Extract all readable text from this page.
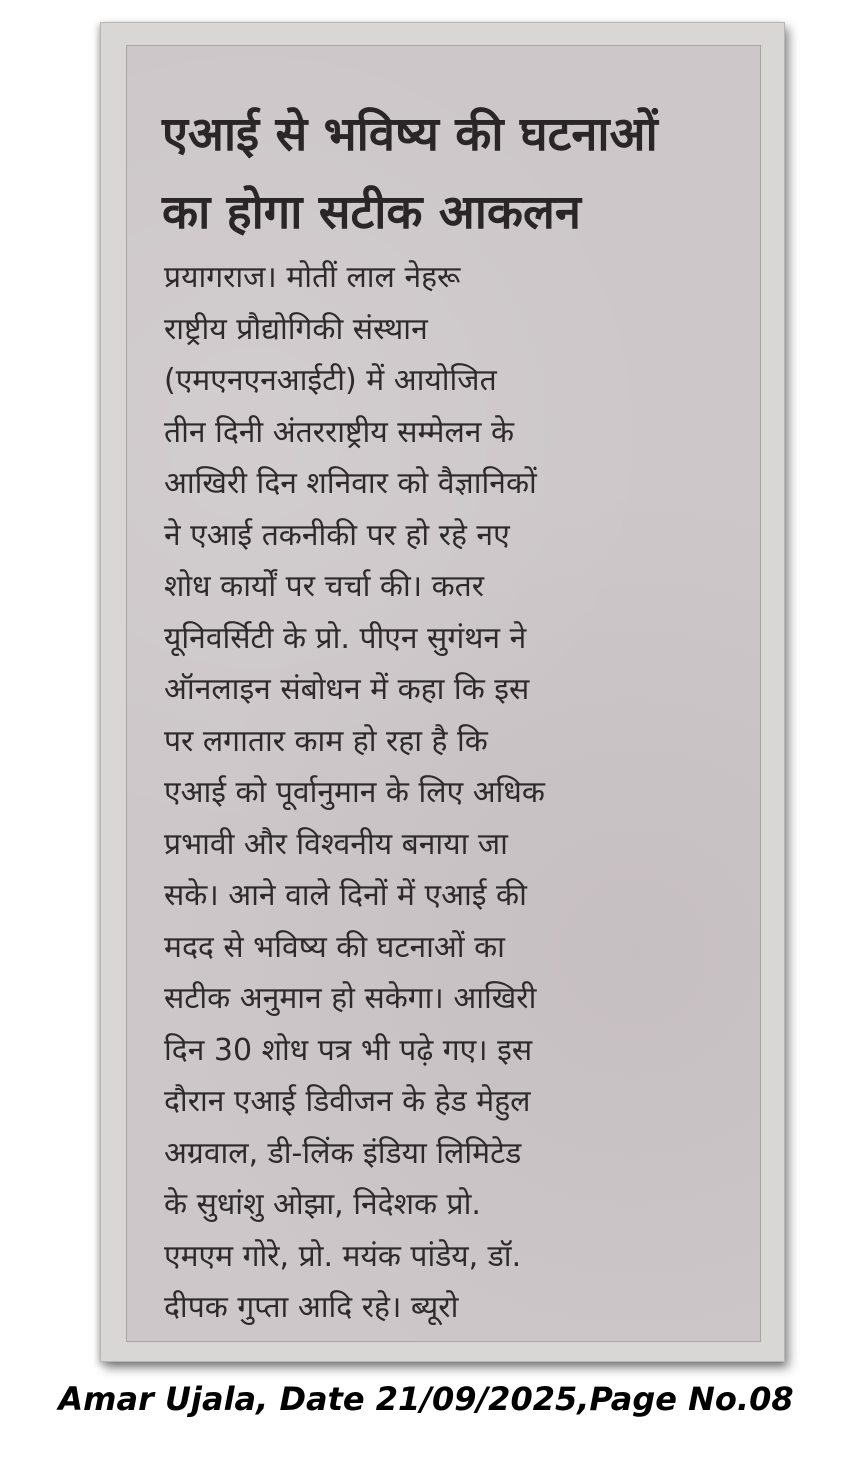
एआई से भविष्य की घटनाओं
का होगा सटीक आकलन
प्रयागराज। मोतीं लाल नेहरू
राष्ट्रीय प्रौद्योगिकी संस्थान
(एमएनएनआईटी) में आयोजित
तीन दिनी अंतरराष्ट्रीय सम्मेलन के
आखिरी दिन शनिवार को वैज्ञानिकों
ने एआई तकनीकी पर हो रहे नए
शोध कार्यों पर चर्चा की। कतर
यूनिवर्सिटी के प्रो. पीएन सुगंथन ने
ऑनलाइन संबोधन में कहा कि इस
पर लगातार काम हो रहा है कि
एआई को पूर्वानुमान के लिए अधिक
प्रभावी और विश्वनीय बनाया जा
सके। आने वाले दिनों में एआई की
मदद से भविष्य की घटनाओं का
सटीक अनुमान हो सकेगा। आखिरी
दिन 30 शोध पत्र भी पढ़े गए। इस
दौरान एआई डिवीजन के हेड मेहुल
अग्रवाल, डी-लिंक इंडिया लिमिटेड
के सुधांशु ओझा, निदेशक प्रो.
एमएम गोरे, प्रो. मयंक पांडेय, डॉ.
दीपक गुप्ता आदि रहे। ब्यूरो

Amar Ujala, Date 21/09/2025,Page No.08
